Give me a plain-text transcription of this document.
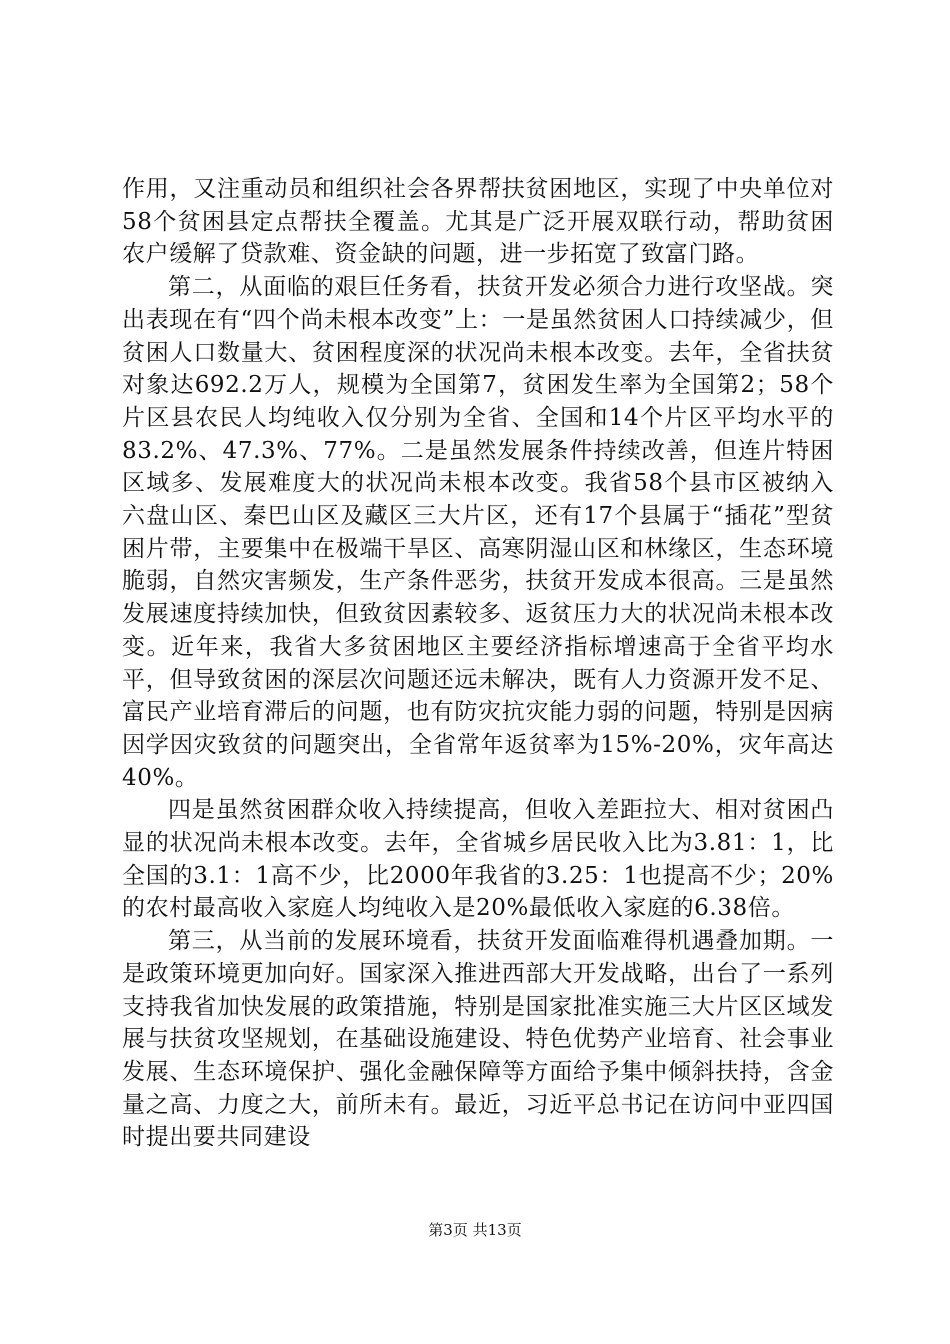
作用，又注重动员和组织社会各界帮扶贫困地区，实现了中央单位对58个贫困县定点帮扶全覆盖。尤其是广泛开展双联行动，帮助贫困农户缓解了贷款难、资金缺的问题，进一步拓宽了致富门路。

第二，从面临的艰巨任务看，扶贫开发必须合力进行攻坚战。突出表现在有“四个尚未根本改变”上：一是虽然贫困人口持续减少，但贫困人口数量大、贫困程度深的状况尚未根本改变。去年，全省扶贫对象达692.2万人，规模为全国第7，贫困发生率为全国第2；58个片区县农民人均纯收入仅分别为全省、全国和14个片区平均水平的83.2%、47.3%、77%。二是虽然发展条件持续改善，但连片特困区域多、发展难度大的状况尚未根本改变。我省58个县市区被纳入六盘山区、秦巴山区及藏区三大片区，还有17个县属于“插花”型贫困片带，主要集中在极端干旱区、高寒阴湿山区和林缘区，生态环境脆弱，自然灾害频发，生产条件恶劣，扶贫开发成本很高。三是虽然发展速度持续加快，但致贫因素较多、返贫压力大的状况尚未根本改变。近年来，我省大多贫困地区主要经济指标增速高于全省平均水平，但导致贫困的深层次问题还远未解决，既有人力资源开发不足、富民产业培育滞后的问题，也有防灾抗灾能力弱的问题，特别是因病因学因灾致贫的问题突出，全省常年返贫率为15%-20%，灾年高达40%。

四是虽然贫困群众收入持续提高，但收入差距拉大、相对贫困凸显的状况尚未根本改变。去年，全省城乡居民收入比为3.81：1，比全国的3.1：1高不少，比2000年我省的3.25：1也提高不少；20%的农村最高收入家庭人均纯收入是20%最低收入家庭的6.38倍。

第三，从当前的发展环境看，扶贫开发面临难得机遇叠加期。一是政策环境更加向好。国家深入推进西部大开发战略，出台了一系列支持我省加快发展的政策措施，特别是国家批准实施三大片区区域发展与扶贫攻坚规划，在基础设施建设、特色优势产业培育、社会事业发展、生态环境保护、强化金融保障等方面给予集中倾斜扶持，含金量之高、力度之大，前所未有。最近，习近平总书记在访问中亚四国时提出要共同建设

第3页 共13页
